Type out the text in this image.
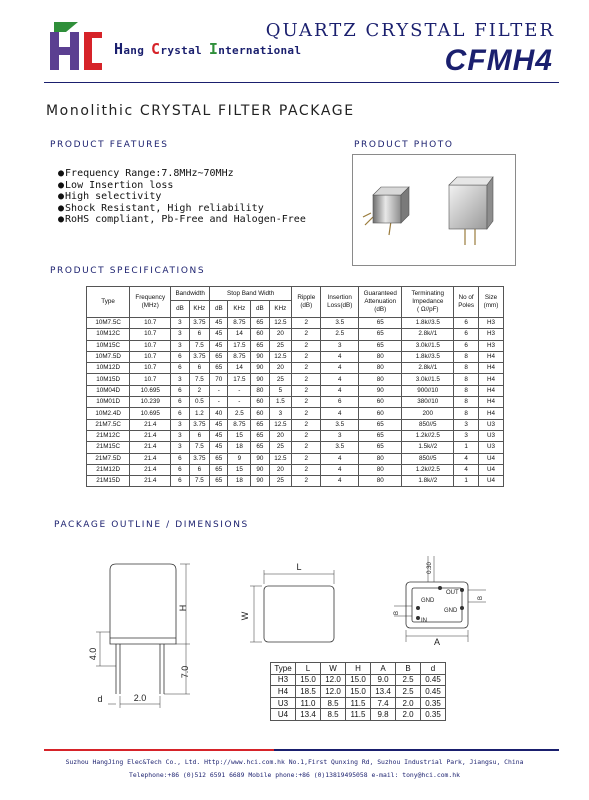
Hang Crystal International
QUARTZ CRYSTAL FILTER
CFMH4
Monolithic CRYSTAL FILTER PACKAGE
PRODUCT FEATURES	PRODUCT PHOTO
● Frequency Range:7.8MHz~70MHz
● Low Insertion loss
● High selectivity
● Shock Resistant, High reliability
● RoHS compliant, Pb-Free and Halogen-Free
PRODUCT SPECIFICATIONS
Type	Frequency (MHz)	Bandwidth		Stop Band Width				Ripple (dB)	Insertion Loss(dB)	Guaranteed Attenuation (dB)	Terminating Impedance
( Ω//pF)	No of Poles	Size (mm)
		dB	KHz	dB	KHz	dB	KHz						
10M7.5C	10.7	3	3.75	45	8.75	65	12.5	2	3.5	65	1.8k//3.5	6	H3
10M12C	10.7	3	6	45	14	60	20	2	2.5	65	2.8k//1	6	H3
10M15C	10.7	3	7.5	45	17.5	65	25	2	3	65	3.0k//1.5	6	H3
10M7.5D	10.7	6	3.75	65	8.75	90	12.5	2	4	80	1.8k//3.5	8	H4
10M12D	10.7	6	6	65	14	90	20	2	4	80	2.8k//1	8	H4
10M15D	10.7	3	7.5	70	17.5	90	25	2	4	80	3.0k//1.5	8	H4
10M04D	10.695	6	2	-	-	80	5	2	4	90	900//10	8	H4
10M01D	10.239	6	0.5	-	-	60	1.5	2	6	60	380//10	8	H4
10M2.4D	10.695	6	1.2	40	2.5	60	3	2	4	60	200	8	H4
21M7.5C	21.4	3	3.75	45	8.75	65	12.5	2	3.5	65	850//5	3	U3
21M12C	21.4	3	6	45	15	65	20	2	3	65	1.2k//2.5	3	U3
21M15C	21.4	3	7.5	45	18	65	25	2	3.5	65	1.5k//2	1	U3
21M7.5D	21.4	6	3.75	65	9	90	12.5	2	4	80	850//5	4	U4
21M12D	21.4	6	6	65	15	90	20	2	4	80	1.2k//2.5	4	U4
21M15D	21.4	6	7.5	65	18	90	25	2	4	80	1.8k//2	1	U4
PACKAGE OUTLINE / DIMENSIONS
H
4.0
7.0
d	2.0
L
W
A
0.30
B
B
OUT
GND
GND
IN
Type	L	W	H	A	B	d
H3	15.0	12.0	15.0	9.0	2.5	0.45
H4	18.5	12.0	15.0	13.4	2.5	0.45
U3	11.0	8.5	11.5	7.4	2.0	0.35
U4	13.4	8.5	11.5	9.8	2.0	0.35
Suzhou HangJing Elec&Tech Co., Ltd. Http://www.hci.com.hk No.1,First Qunxing Rd, Suzhou Industrial Park, Jiangsu, China
Telephone:+86 (0)512 6591 6689 Mobile phone:+86 (0)13819495058 e-mail: tony@hci.com.hk
